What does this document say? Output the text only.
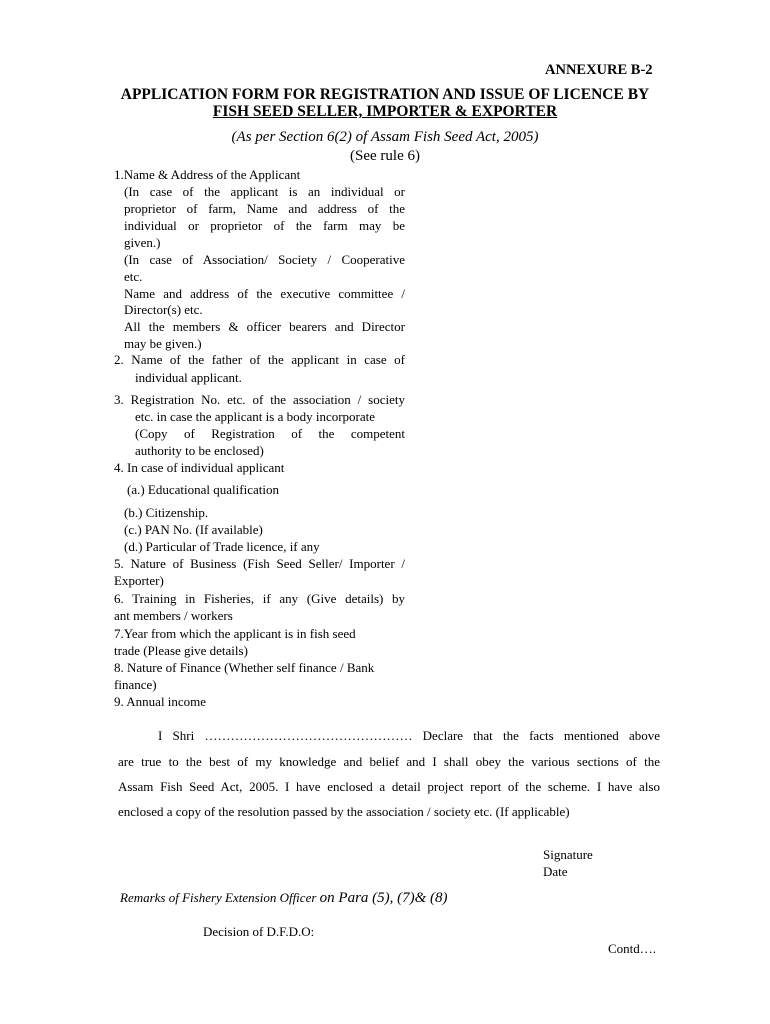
ANNEXURE B-2
APPLICATION FORM FOR REGISTRATION AND ISSUE OF LICENCE BY
FISH SEED SELLER, IMPORTER & EXPORTER
(As per Section 6(2) of Assam Fish Seed Act, 2005)
(See rule 6)
1.Name & Address of the Applicant
(In case of the applicant is an individual or
proprietor of farm, Name and address of the
individual or proprietor of the farm may be
given.)
(In case of Association/ Society / Cooperative
etc.
Name and address of the executive committee /
Director(s) etc.
All the members & officer bearers and Director
may be given.)
2. Name of the father of the applicant in case of
individual applicant.
3. Registration No. etc. of the association / society
etc. in case the applicant is a body incorporate
(Copy of Registration of the competent
authority to be enclosed)
4. In case of individual applicant
(a.) Educational qualification
(b.) Citizenship.
(c.) PAN No. (If available)
(d.) Particular of Trade licence, if any
5. Nature of Business (Fish Seed Seller/ Importer /
Exporter)
6. Training in Fisheries, if any (Give details) by
ant members / workers
7.Year from which the applicant is in fish seed
trade (Please give details)
8. Nature of Finance (Whether self finance / Bank
finance)
9. Annual income
I Shri ………………………………………… Declare that the facts mentioned above
are true to the best of my knowledge and belief and I shall obey the various sections of the
Assam Fish Seed Act, 2005. I have enclosed a detail project report of the scheme. I have also
enclosed a copy of the resolution passed by the association / society etc. (If applicable)
Signature
Date
Remarks of Fishery Extension Officer on Para (5), (7)& (8)
Decision of D.F.D.O:
Contd….
